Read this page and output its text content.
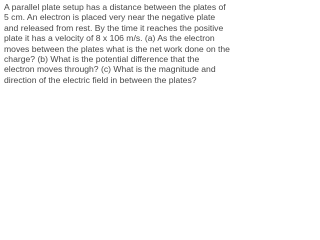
A parallel plate setup has a distance between the plates of 5 cm. An electron is placed very near the negative plate and released from rest. By the time it reaches the positive plate it has a velocity of 8 x 106 m/s. (a) As the electron moves between the plates what is the net work done on the charge? (b) What is the potential difference that the electron moves through? (c) What is the magnitude and direction of the electric field in between the plates?
